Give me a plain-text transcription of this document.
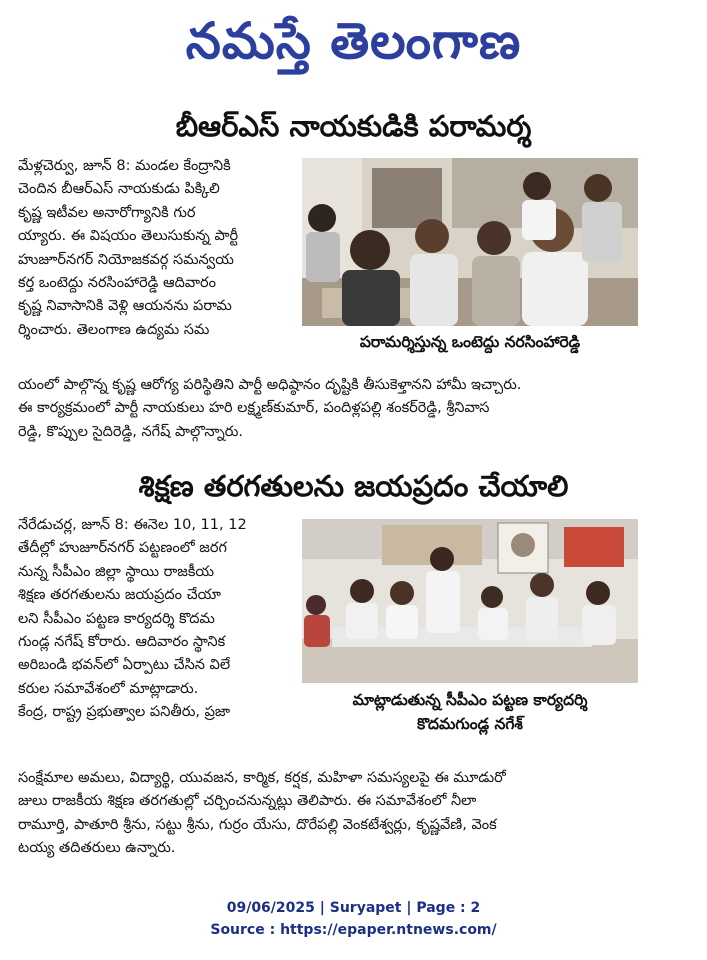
నమస్తే తెలంగాణ
బీఆర్ఎస్ నాయకుడికి పరామర్శ
మేళ్లచెర్వు, జూన్ 8: మండల కేంద్రానికి
చెందిన బీఆర్ఎస్ నాయకుడు పిక్కిలి
కృష్ణ ఇటీవల అనారోగ్యానికి గుర
య్యారు. ఈ విషయం తెలుసుకున్న పార్టీ
హుజూర్‌నగర్ నియోజకవర్గ సమన్వయ
కర్త ఒంటెద్దు నరసింహారెడ్డి ఆదివారం
కృష్ణ నివాసానికి వెళ్లి ఆయనను పరామ
ర్శించారు. తెలంగాణ ఉద్యమ సమ
పరామర్శిస్తున్న ఒంటెద్దు నరసింహారెడ్డి
యంలో పాల్గొన్న కృష్ణ ఆరోగ్య పరిస్థితిని పార్టీ అధిష్ఠానం దృష్టికి తీసుకెళ్తానని హామీ ఇచ్చారు.
ఈ కార్యక్రమంలో పార్టీ నాయకులు హరి లక్ష్మణ్‌కుమార్, పందిళ్లపల్లి శంకర్‌రెడ్డి, శ్రీనివాస
రెడ్డి, కొప్పుల సైదిరెడ్డి, నగేష్ పాల్గొన్నారు.
శిక్షణ తరగతులను జయప్రదం చేయాలి
నేరేడుచర్ల, జూన్ 8: ఈనెల 10, 11, 12
తేదీల్లో హుజూర్‌నగర్ పట్టణంలో జరగ
నున్న సీపీఎం జిల్లా స్థాయి రాజకీయ
శిక్షణ తరగతులను జయప్రదం చేయా
లని సీపీఎం పట్టణ కార్యదర్శి కొదమ
గుండ్ల నగేష్ కోరారు. ఆదివారం స్థానిక
అరిబండి భవన్‌లో ఏర్పాటు చేసిన విలే
కరుల సమావేశంలో మాట్లాడారు.
కేంద్ర, రాష్ట్ర ప్రభుత్వాల పనితీరు, ప్రజా
మాట్లాడుతున్న సీపీఎం పట్టణ కార్యదర్శి
కొదమగుండ్ల నగేశ్
సంక్షేమాల అమలు, విద్యార్థి, యువజన, కార్మిక, కర్షక, మహిళా సమస్యలపై ఈ మూడురో
జులు రాజకీయ శిక్షణ తరగతుల్లో చర్చించనున్నట్లు తెలిపారు. ఈ సమావేశంలో నీలా
రామూర్తి, పాతూరి శ్రీను, సట్టు శ్రీను, గుర్రం యేసు, దొరేపల్లి వెంకటేశ్వర్లు, కృష్ణవేణి, వెంక
టయ్య తదితరులు ఉన్నారు.
09/06/2025 | Suryapet | Page : 2
Source : https://epaper.ntnews.com/
